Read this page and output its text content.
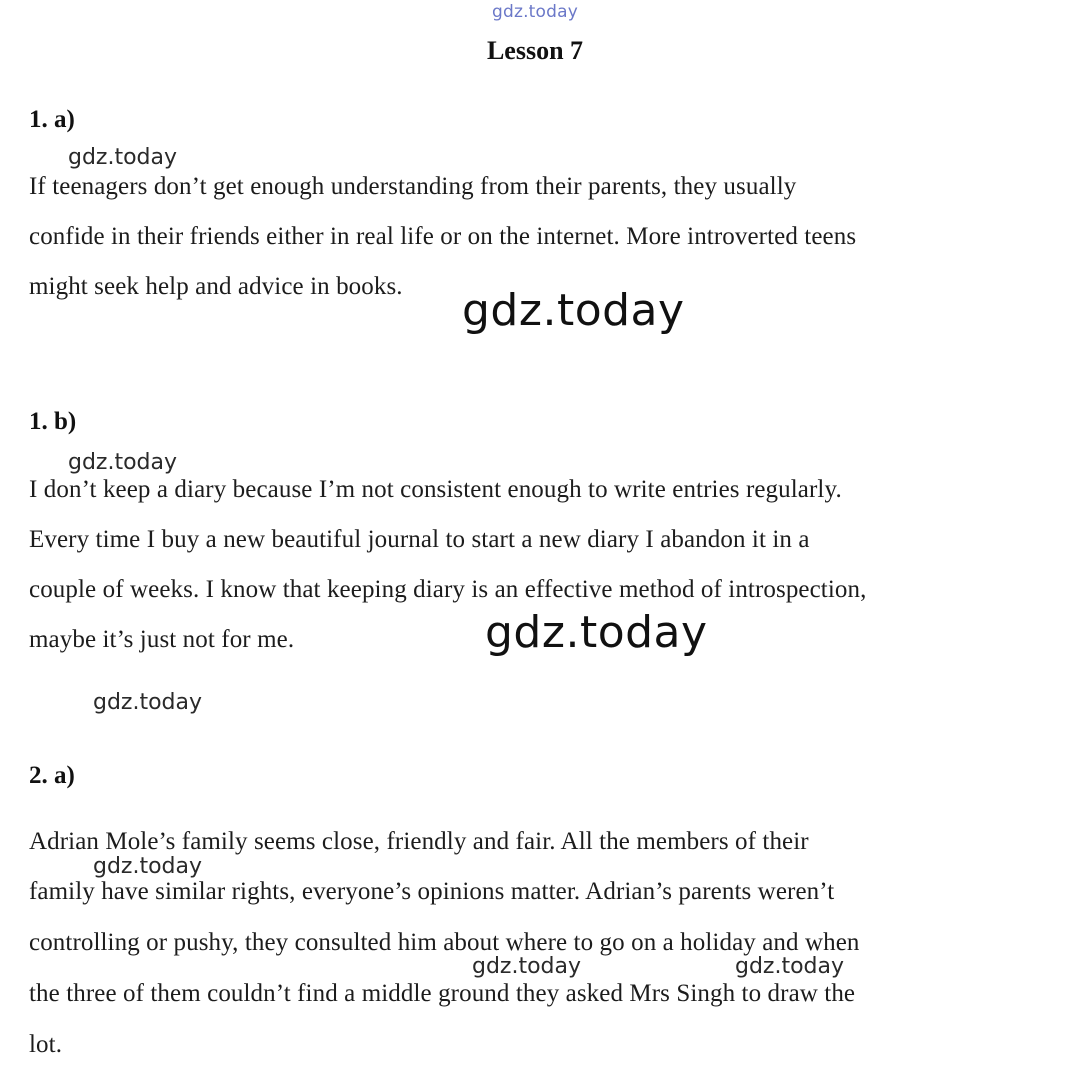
gdz.today
Lesson 7
1. a)
gdz.today
If teenagers don’t get enough understanding from their parents, they usually
confide in their friends either in real life or on the internet. More introverted teens
might seek help and advice in books. gdz.today
1. b)
gdz.today
I don’t keep a diary because I’m not consistent enough to write entries regularly.
Every time I buy a new beautiful journal to start a new diary I abandon it in a
couple of weeks. I know that keeping diary is an effective method of introspection,
maybe it’s just not for me.	gdz.today
gdz.today
2. a)
Adrian Mole’s family seems close, friendly and fair. All the members of their
gdz.today
family have similar rights, everyone’s opinions matter. Adrian’s parents weren’t
controlling or pushy, they consulted him about where to go on a holiday and when
gdz.today	gdz.today
the three of them couldn’t find a middle ground they asked Mrs Singh to draw the
lot.
